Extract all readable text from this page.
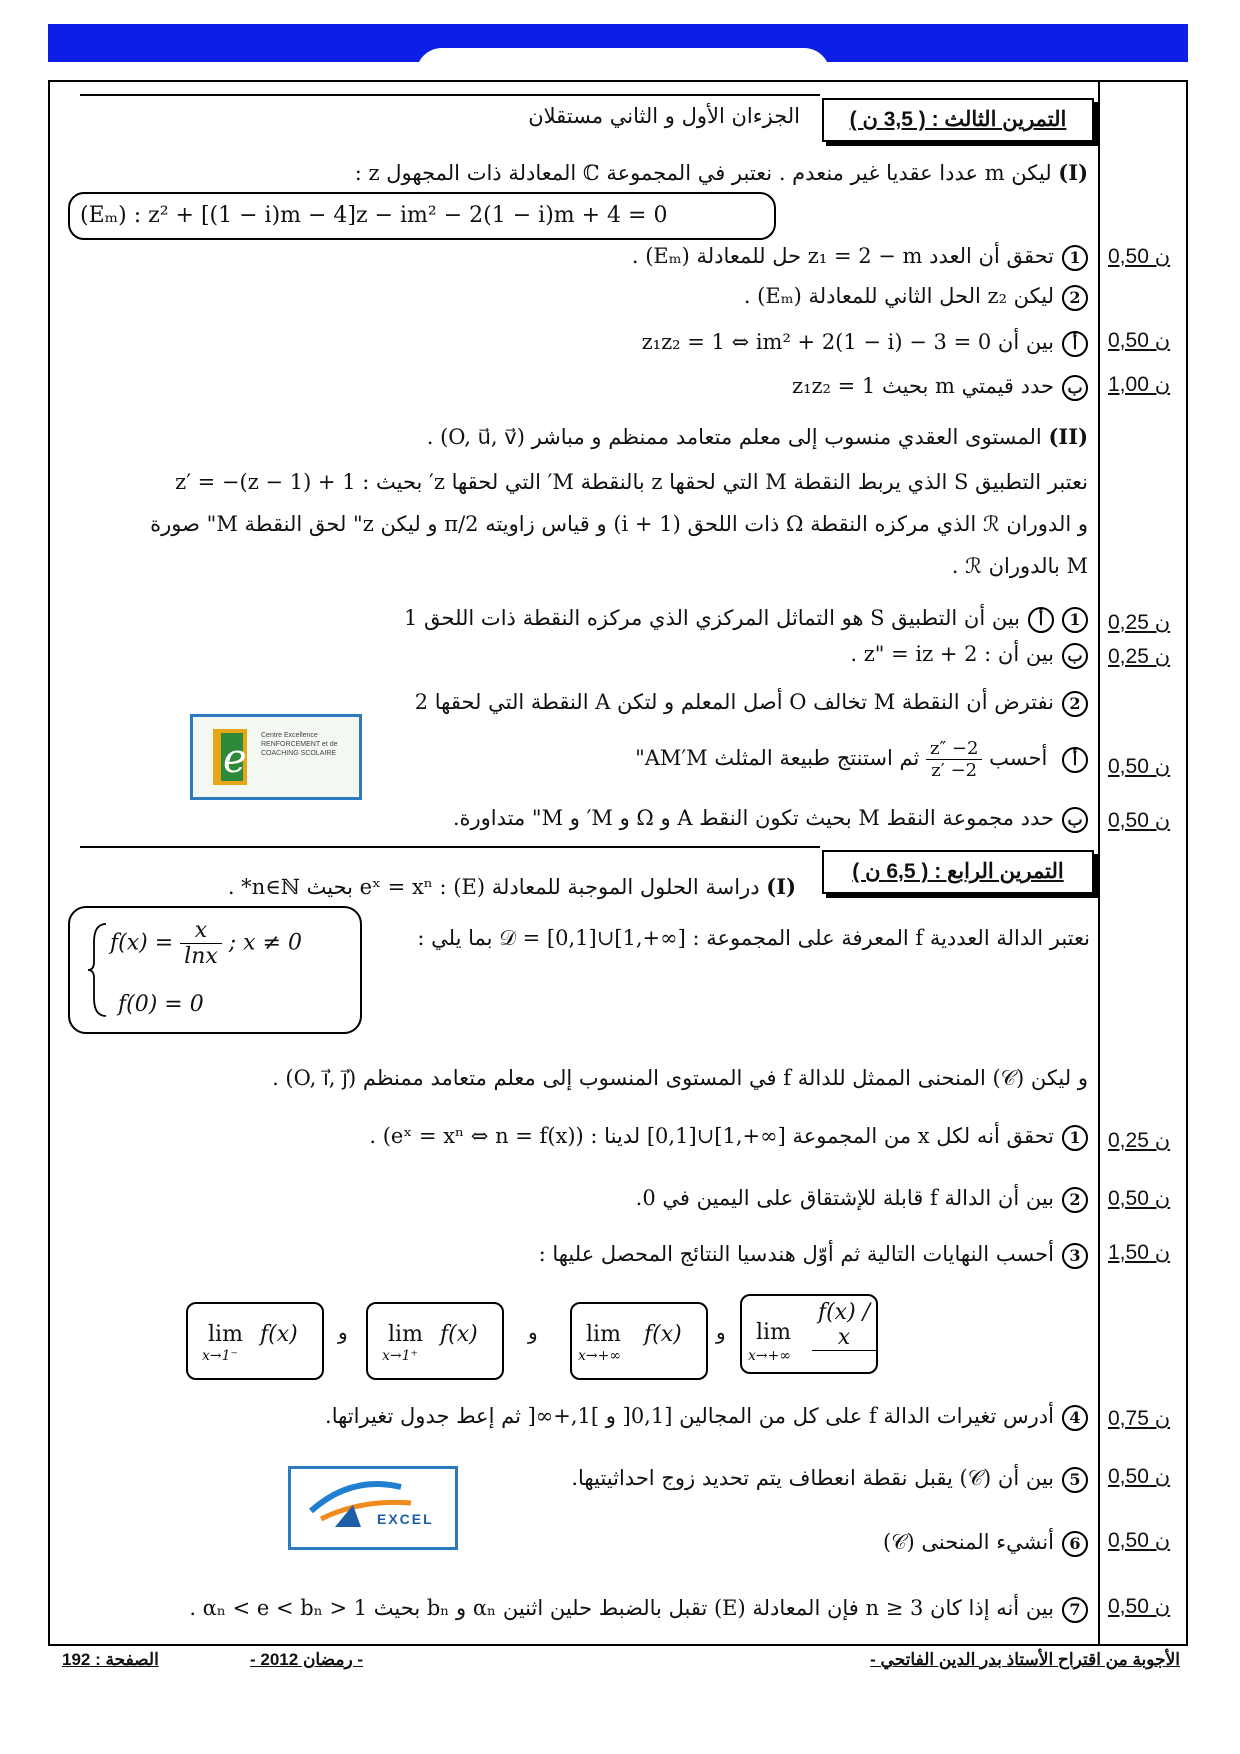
التمرين الثالث : ( 3,5 ن )
الجزءان الأول و الثاني مستقلان
(I) ليكن m عددا عقديا غير منعدم . نعتبر في المجموعة ℂ المعادلة ذات المجهول z :
(Eₘ) : z² + [(1 − i)m − 4]z − im² − 2(1 − i)m + 4 = 0
1تحقق أن العدد z₁ = 2 − m حل للمعادلة (Eₘ) .	ن 0,50
2ليكن z₂ الحل الثاني للمعادلة (Eₘ) .
أبين أن z₁z₂ = 1 ⇔ im² + 2(1 − i) − 3 = 0	ن 0,50
بحدد قيمتي m بحيث z₁z₂ = 1	ن 1,00
(II) المستوى العقدي منسوب إلى معلم متعامد ممنظم و مباشر (O, u⃗, v⃗) .
نعتبر التطبيق S الذي يربط النقطة M التي لحقها z بالنقطة M′ التي لحقها z′ بحيث : z′ = −(z − 1) + 1
و الدوران ℛ الذي مركزه النقطة Ω ذات اللحق (1 + i) و قياس زاويته π/2 و ليكن z" لحق النقطة M" صورة
M بالدوران ℛ .
1أبين أن التطبيق S هو التماثل المركزي الذي مركزه النقطة ذات اللحق 1	ن 0,25
ببين أن : z" = iz + 2 .	ن 0,25
2نفترض أن النقطة M تخالف O أصل المعلم و لتكن A النقطة التي لحقها 2
أ أحسب
$\frac{z'' -2}{z' -2}$
ثم استنتج طبيعة المثلث AM′M"	ن 0,50
بحدد مجموعة النقط M بحيث تكون النقط A و Ω و M′ و M" متداورة.	ن 0,50
e
Centre Excellence RENFORCEMENT et de COACHING SCOLAIRE
التمرين الرابع : ( 6,5 ن )
(I) دراسة الحلول الموجبة للمعادلة (E) : eˣ = xⁿ بحيث n∈ℕ* .
نعتبر الدالة العددية f المعرفة على المجموعة : [∞+,1]∪[0,1] = 𝒟 بما يلي :
$f(x) = \frac{x}{\ln x}$ ; x ≠ 0
f(0) = 0
و ليكن (𝒞) المنحنى الممثل للدالة f في المستوى المنسوب إلى معلم متعامد ممنظم (O, i⃗, j⃗) .
1تحقق أنه لكل x من المجموعة [∞+,1]∪[0,1] لدينا : (eˣ = xⁿ ⇔ n = f(x)) .	ن 0,25
2بين أن الدالة f قابلة للإشتقاق على اليمين في 0.	ن 0,50
3أحسب النهايات التالية ثم أوّل هندسيا النتائج المحصل عليها :	ن 1,50
lim
x→+∞
f(x) / x
و
lim
x→+∞
f(x)
و
lim
x→1⁺
f(x)
و
lim
x→1⁻
f(x)
4أدرس تغيرات الدالة f على كل من المجالين [0,1[ و ]1,+∞[ ثم إعط جدول تغيراتها.	ن 0,75
5بين أن (𝒞) يقبل نقطة انعطاف يتم تحديد زوج احداثيتيها.	ن 0,50
EXCEL
6أنشيء المنحنى (𝒞)	ن 0,50
7بين أنه إذا كان n ≥ 3 فإن المعادلة (E) تقبل بالضبط حلين اثنين αₙ و bₙ بحيث 1 < αₙ < e < bₙ .	ن 0,50
الأجوبة من اقتراح الأستاذ بدر الدين الفاتحي -
- رمضان 2012 -
الصفحة : 192
